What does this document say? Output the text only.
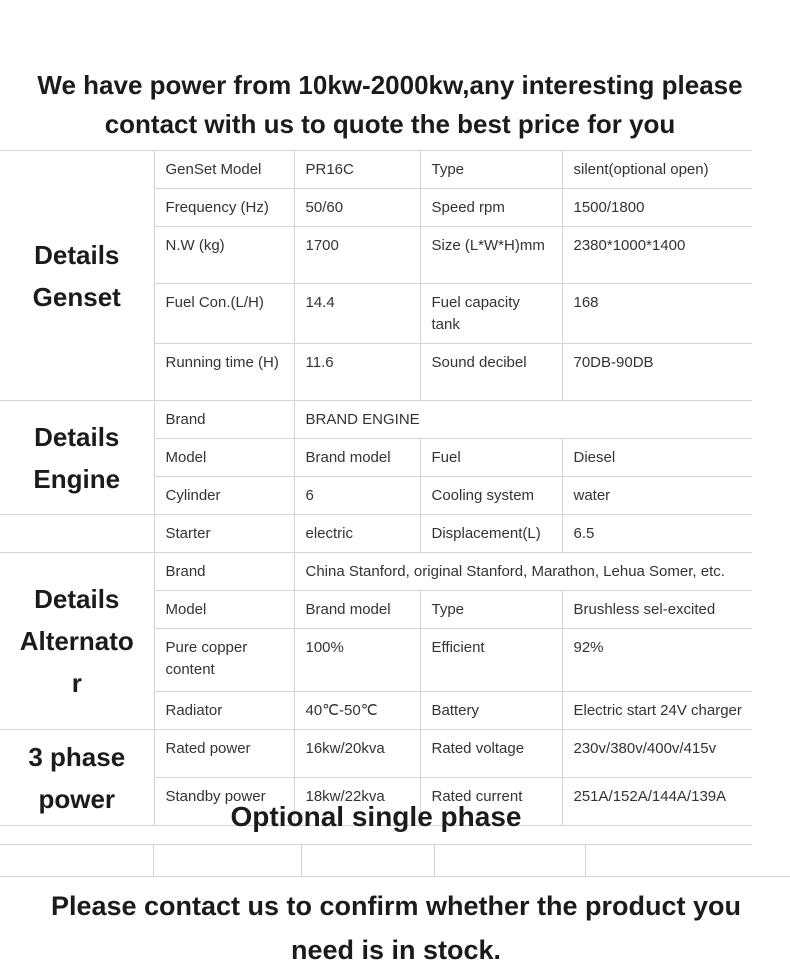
We have power from 10kw-2000kw,any interesting please
contact with us to quote the best price for you
Details
Genset	GenSet Model	PR16C	Type	silent(optional open)
	Frequency (Hz)	50/60	Speed rpm	1500/1800
	N.W (kg)	1700	Size (L*W*H)mm	2380*1000*1400
	Fuel Con.(L/H)	14.4	Fuel capacity tank	168
	Running time (H)	11.6	Sound decibel	70DB-90DB

Details
Engine	Brand	BRAND ENGINE		
	Model	Brand model	Fuel	Diesel
	Cylinder	6	Cooling system	water
	Starter	electric	Displacement(L)	6.5

Details
Alternato
r	Brand	China Stanford, original Stanford, Marathon, Lehua Somer, etc.		
	Model	Brand model	Type	Brushless sel-excited
	Pure copper content	100%	Efficient	92%
	Radiator	40℃-50℃	Battery	Electric start 24V charger

3 phase
power	Rated power	16kw/20kva	Rated voltage	230v/380v/400v/415v
	Standby power	18kw/22kva	Rated current	251A/152A/144A/139A
Optional single phase

Please contact us to confirm whether the product you
need is in stock.
